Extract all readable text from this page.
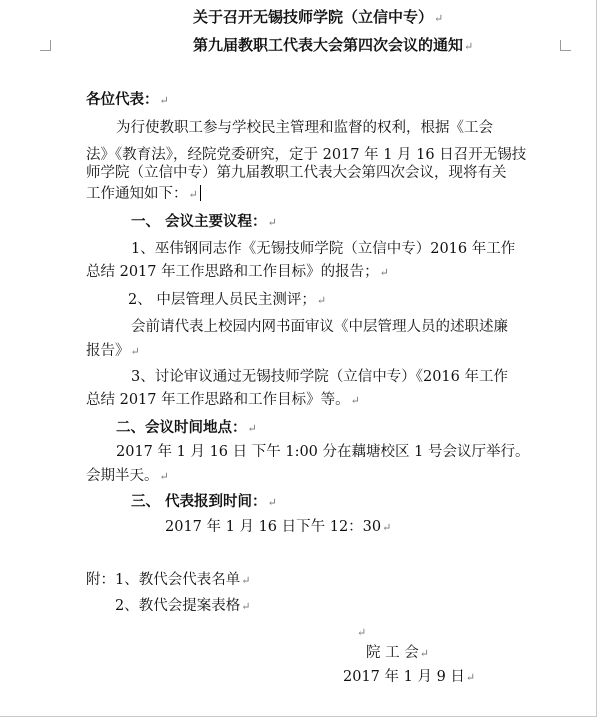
关于召开无锡技师学院（立信中专）↵
第九届教职工代表大会第四次会议的通知↵
各位代表：↵
为行使教职工参与学校民主管理和监督的权利，根据《工会
法》《教育法》，经院党委研究，定于 2017 年 1 月 16 日召开无锡技
师学院（立信中专）第九届教职工代表大会第四次会议，现将有关
工作通知如下：↵
一、 会议主要议程：↵
1、巫伟钢同志作《无锡技师学院（立信中专）2016 年工作
总结 2017 年工作思路和工作目标》的报告；↵
2、 中层管理人员民主测评；↵
会前请代表上校园内网书面审议《中层管理人员的述职述廉
报告》↵
3、讨论审议通过无锡技师学院（立信中专）《2016 年工作
总结 2017 年工作思路和工作目标》等。↵
二、会议时间地点：↵
2017 年 1 月 16 日 下午 1:00 分在藕塘校区 1 号会议厅举行。
会期半天。↵
三、 代表报到时间：↵
2017 年 1 月 16 日下午 12：30↵
附：1、教代会代表名单↵
2、教代会提案表格↵
↵
院 工 会↵
2017 年 1 月 9 日↵
